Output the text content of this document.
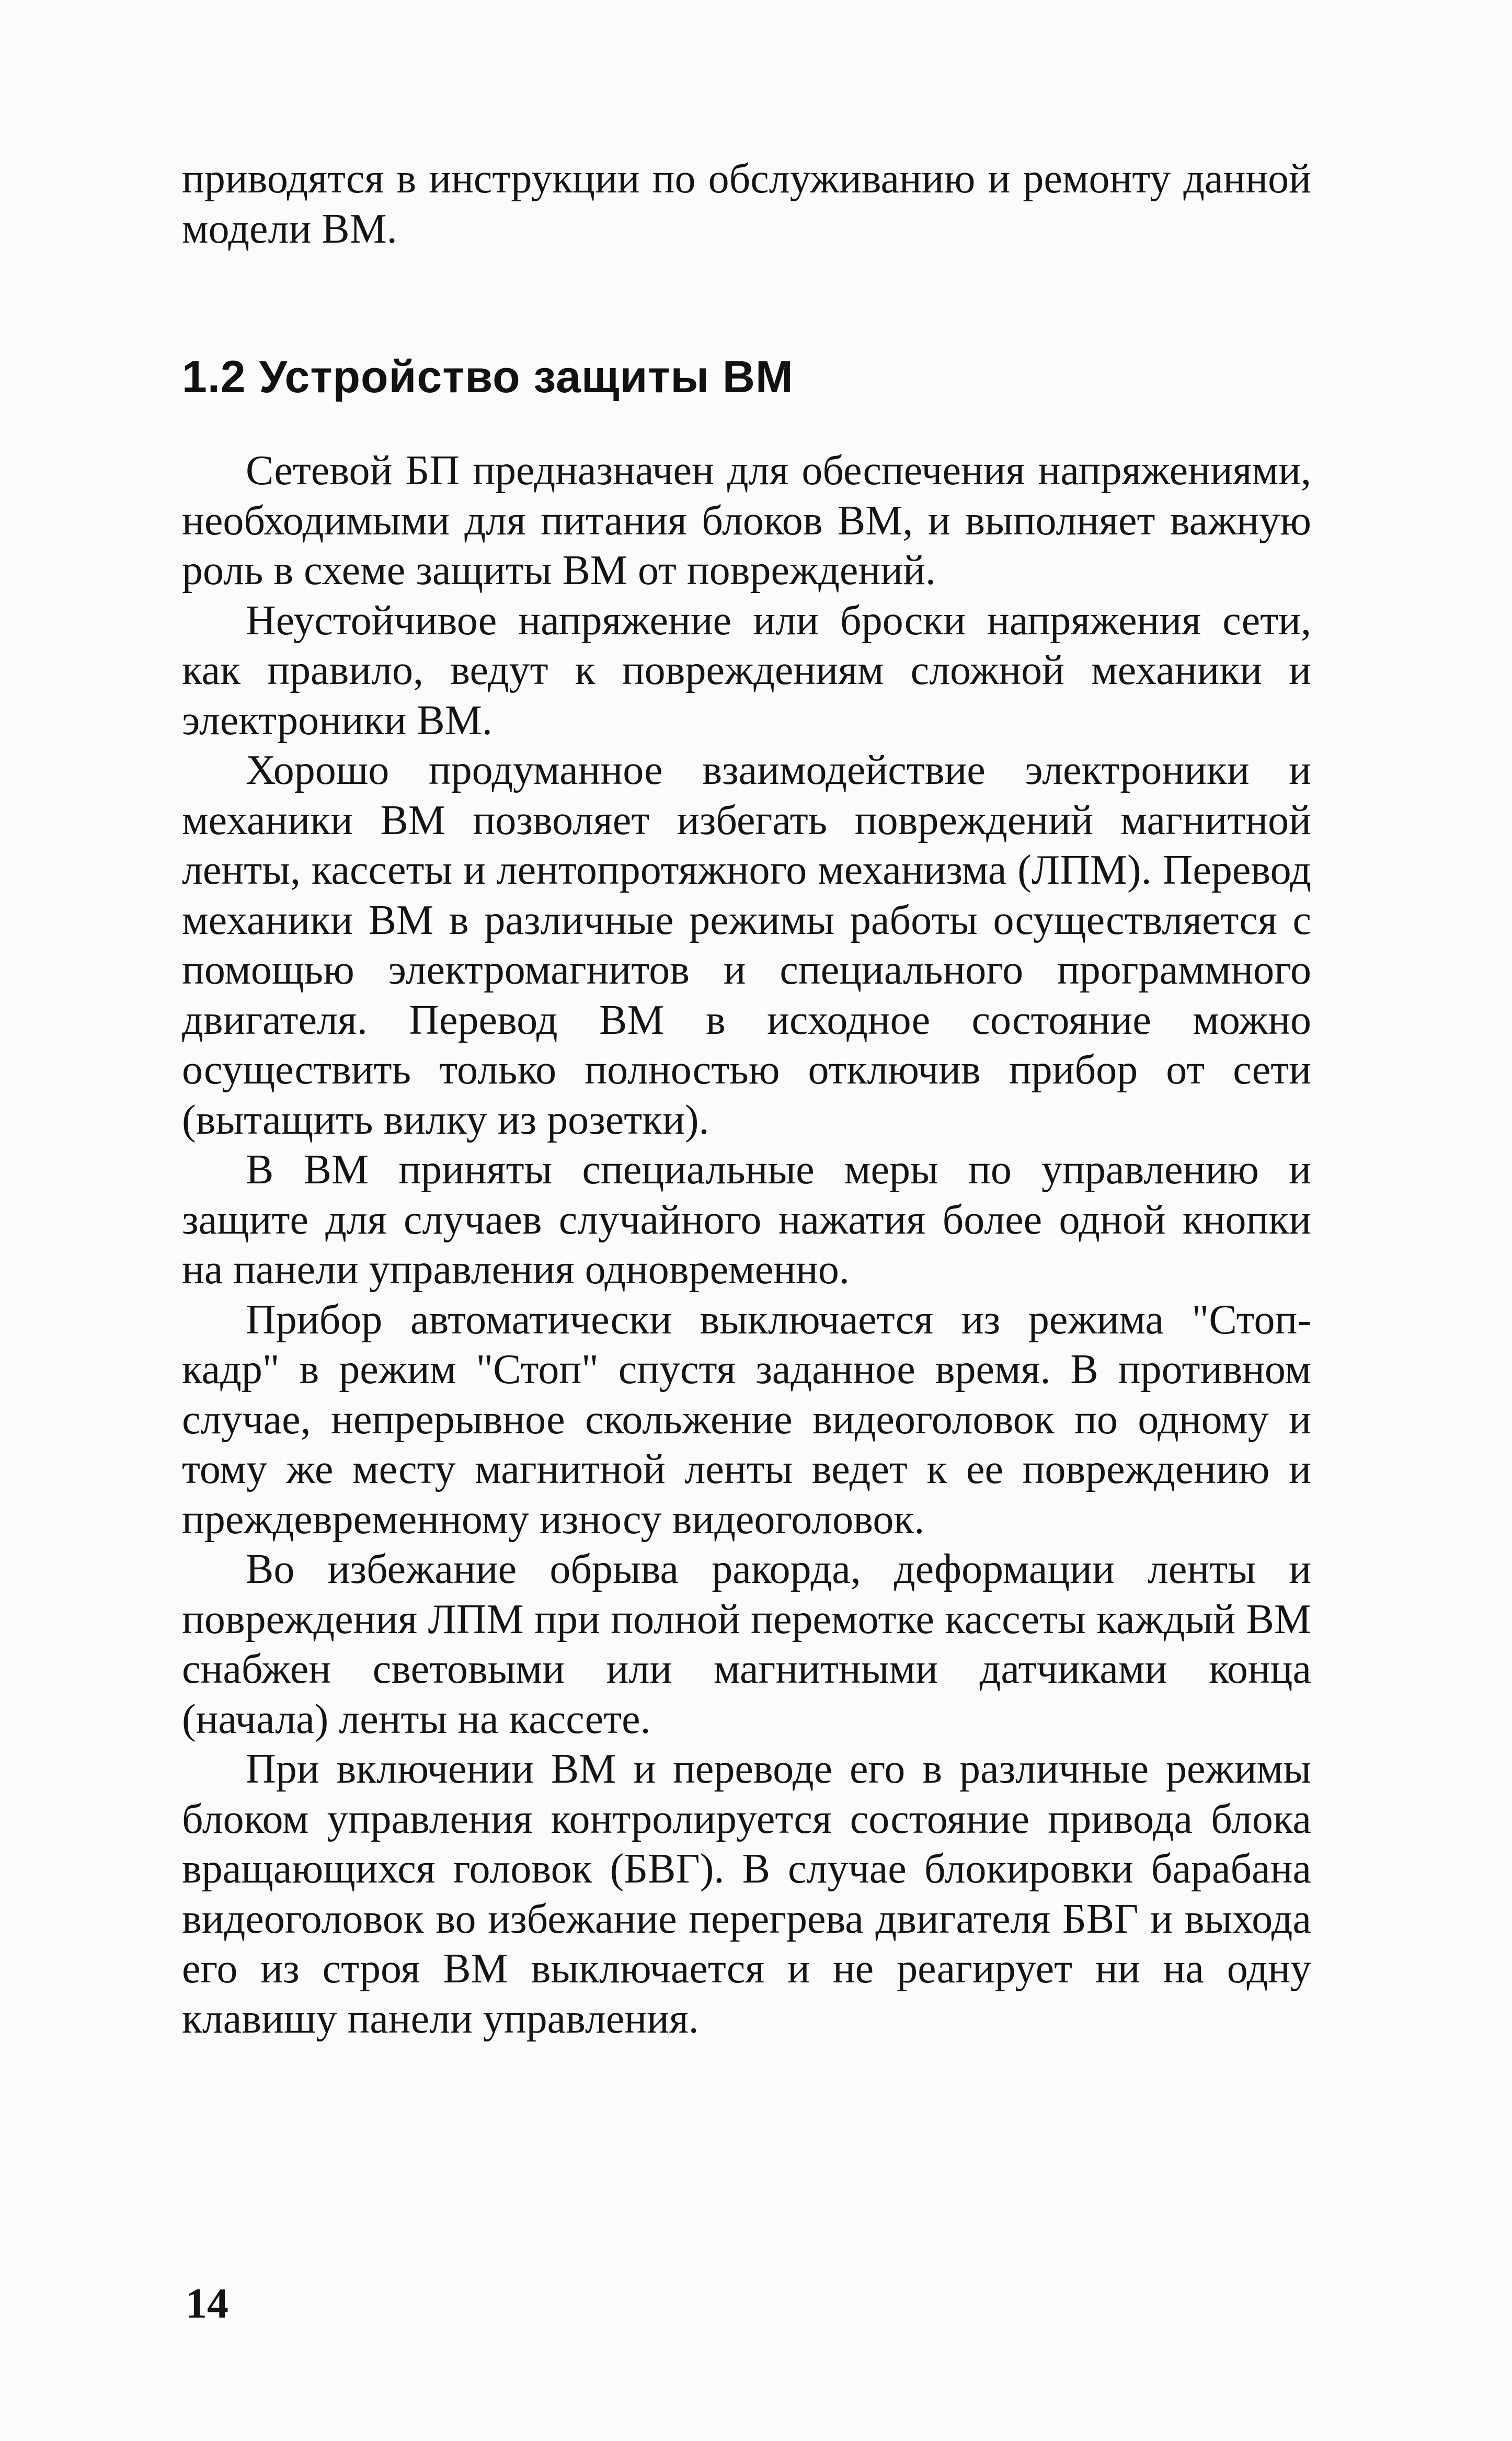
приводятся в инструкции по обслуживанию и ремонту данной модели ВМ.

1.2 Устройство защиты ВМ

Сетевой БП предназначен для обеспечения напряжениями, необходимыми для питания блоков ВМ, и выполняет важную роль в схеме защиты ВМ от повреждений.

Неустойчивое напряжение или броски напряжения сети, как правило, ведут к повреждениям сложной механики и электроники ВМ.

Хорошо продуманное взаимодействие электроники и механики ВМ позволяет избегать повреждений магнитной ленты, кассеты и лентопротяжного механизма (ЛПМ). Перевод механики ВМ в различные режимы работы осуществляется с помощью электромагнитов и специального программного двигателя. Перевод ВМ в исходное состояние можно осуществить только полностью отключив прибор от сети (вытащить вилку из розетки).

В ВМ приняты специальные меры по управлению и защите для случаев случайного нажатия более одной кнопки на панели управления одновременно.

Прибор автоматически выключается из режима "Стоп-кадр" в режим "Стоп" спустя заданное время. В противном случае, непрерывное скольжение видеоголовок по одному и тому же месту магнитной ленты ведет к ее повреждению и преждевременному износу видеоголовок.

Во избежание обрыва ракорда, деформации ленты и повреждения ЛПМ при полной перемотке кассеты каждый ВМ снабжен световыми или магнитными датчиками конца (начала) ленты на кассете.

При включении ВМ и переводе его в различные режимы блоком управления контролируется состояние привода блока вращающихся головок (БВГ). В случае блокировки барабана видеоголовок во избежание перегрева двигателя БВГ и выхода его из строя ВМ выключается и не реагирует ни на одну клавишу панели управления.

14
